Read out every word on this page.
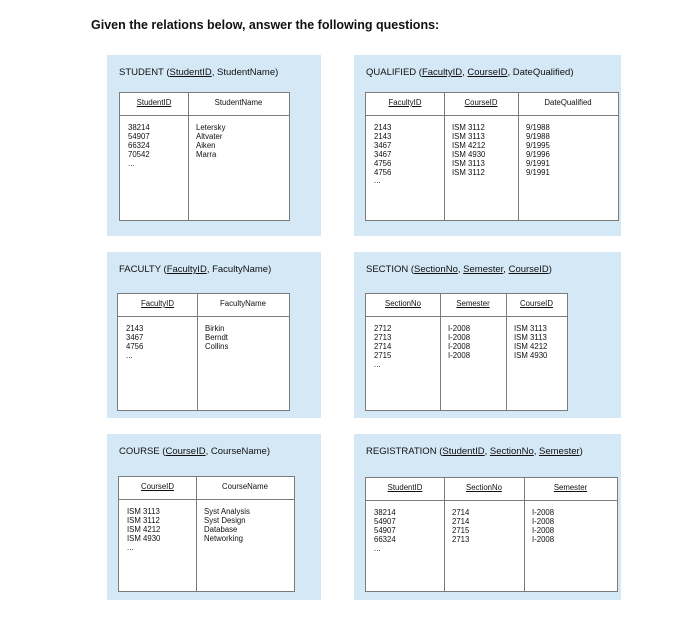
Given the relations below, answer the following questions:
STUDENT (StudentID, StudentName)
StudentID
38214
54907
66324
70542
...
StudentName
Letersky
Altvater
Aiken
Marra
QUALIFIED (FacultyID, CourseID, DateQualified)
FacultyID
2143
2143
3467
3467
4756
4756
...
CourseID
ISM 3112
ISM 3113
ISM 4212
ISM 4930
ISM 3113
ISM 3112
DateQualified
9/1988
9/1988
9/1995
9/1996
9/1991
9/1991
FACULTY (FacultyID, FacultyName)
FacultyID
2143
3467
4756
...
FacultyName
Birkin
Berndt
Collins
SECTION (SectionNo, Semester, CourseID)
SectionNo
2712
2713
2714
2715
...
Semester
I-2008
I-2008
I-2008
I-2008
CourseID
ISM 3113
ISM 3113
ISM 4212
ISM 4930
COURSE (CourseID, CourseName)
CourseID
ISM 3113
ISM 3112
ISM 4212
ISM 4930
...
CourseName
Syst Analysis
Syst Design
Database
Networking
REGISTRATION (StudentID, SectionNo, Semester)
StudentID
38214
54907
54907
66324
...
SectionNo
2714
2714
2715
2713
Semester
I-2008
I-2008
I-2008
I-2008
